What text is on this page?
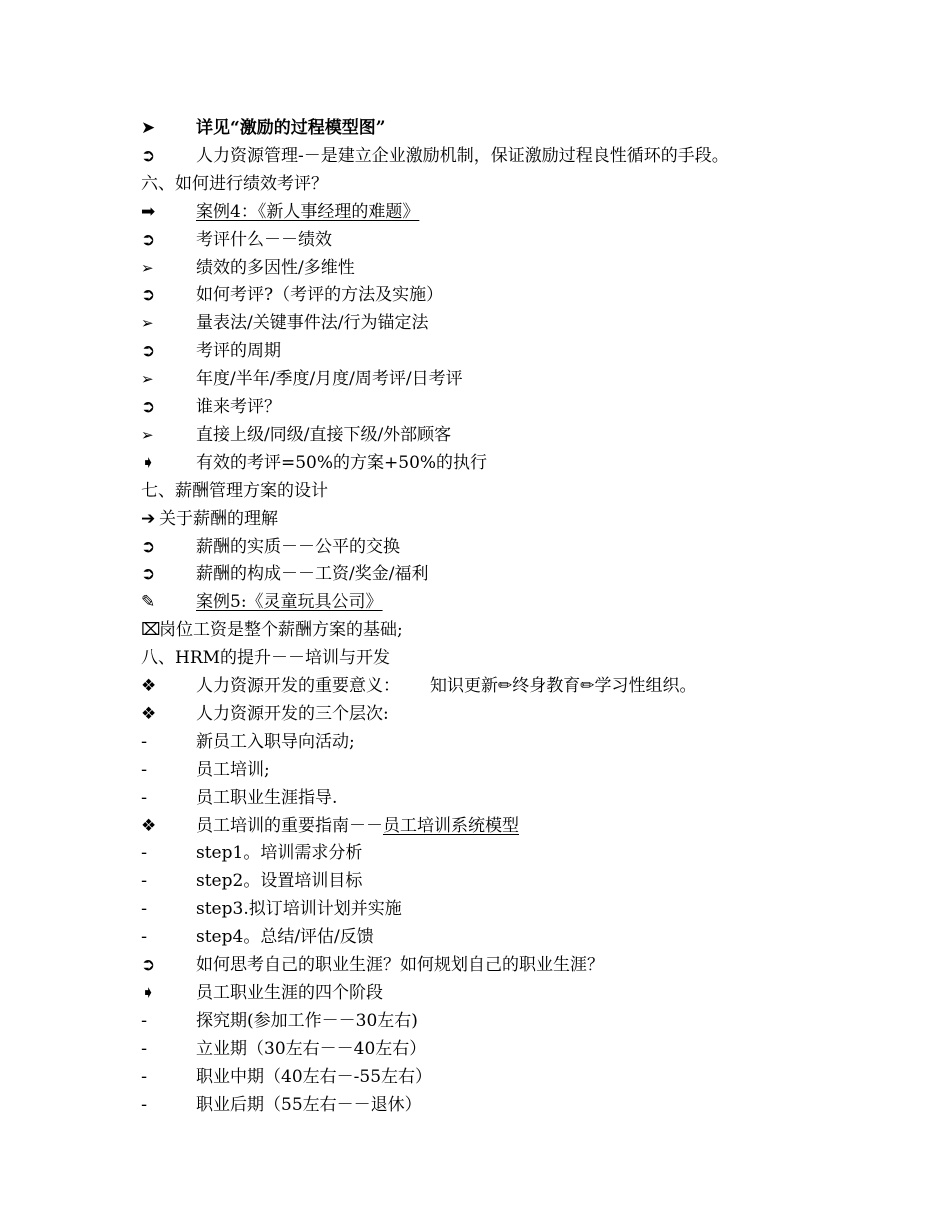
➤	详见“激励的过程模型图”
➲	人力资源管理-－是建立企业激励机制，保证激励过程良性循环的手段。
六、如何进行绩效考评？
➡	案例4：《新人事经理的难题》
➲	考评什么－－绩效
➢	绩效的多因性/多维性
➲	如何考评?（考评的方法及实施）
➢	量表法/关键事件法/行为锚定法
➲	考评的周期
➢	年度/半年/季度/月度/周考评/日考评
➲	谁来考评？
➢	直接上级/同级/直接下级/外部顾客
➧	有效的考评=50%的方案+50%的执行
七、薪酬管理方案的设计
➔ 关于薪酬的理解
➲	薪酬的实质－－公平的交换
➲	薪酬的构成－－工资/奖金/福利
✎	案例5:《灵童玩具公司》
⌧
岗位工资是整个薪酬方案的基础;
八、HRM的提升－－培训与开发
❖	人力资源开发的重要意义： 知识更新✏终身教育✏学习性组织。
❖	人力资源开发的三个层次:
-	新员工入职导向活动;
-	员工培训;
-	员工职业生涯指导.
❖	员工培训的重要指南－－员工培训系统模型
-	step1。培训需求分析
-	step2。设置培训目标
-	step3.拟订培训计划并实施
-	step4。总结/评估/反馈
➲	如何思考自己的职业生涯？如何规划自己的职业生涯？
➧	员工职业生涯的四个阶段
-	探究期(参加工作－－30左右)
-	立业期（30左右－－40左右）
-	职业中期（40左右－-55左右）
-	职业后期（55左右－－退休）
